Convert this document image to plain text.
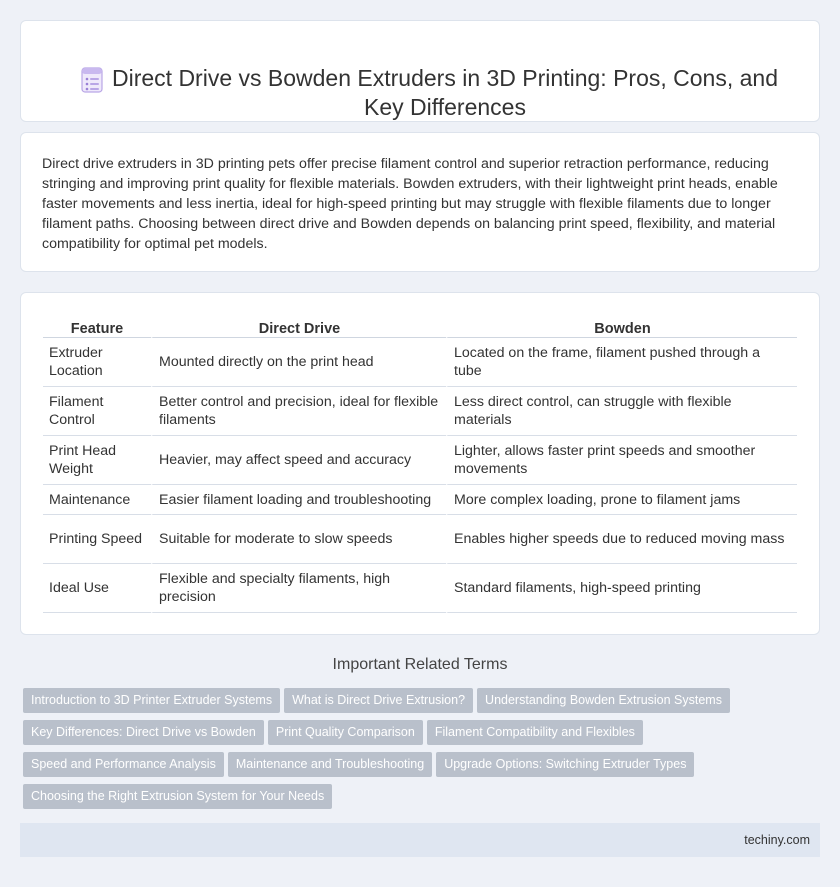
Direct Drive vs Bowden Extruders in 3D Printing: Pros, Cons, and Key Differences

Direct drive extruders in 3D printing pets offer precise filament control and superior retraction performance, reducing stringing and improving print quality for flexible materials. Bowden extruders, with their lightweight print heads, enable faster movements and less inertia, ideal for high-speed printing but may struggle with flexible filaments due to longer filament paths. Choosing between direct drive and Bowden depends on balancing print speed, flexibility, and material compatibility for optimal pet models.

Feature	Direct Drive	Bowden
Extruder Location	Mounted directly on the print head	Located on the frame, filament pushed through a tube
Filament Control	Better control and precision, ideal for flexible filaments	Less direct control, can struggle with flexible materials
Print Head Weight	Heavier, may affect speed and accuracy	Lighter, allows faster print speeds and smoother movements
Maintenance	Easier filament loading and troubleshooting	More complex loading, prone to filament jams
Printing Speed	Suitable for moderate to slow speeds	Enables higher speeds due to reduced moving mass
Ideal Use	Flexible and specialty filaments, high precision	Standard filaments, high-speed printing
Important Related Terms
Introduction to 3D Printer Extruder Systems What is Direct Drive Extrusion? Understanding Bowden Extrusion SystemsKey Differences: Direct Drive vs Bowden Print Quality Comparison Filament Compatibility and FlexiblesSpeed and Performance Analysis Maintenance and Troubleshooting Upgrade Options: Switching Extruder TypesChoosing the Right Extrusion System for Your Needs
techiny.com
